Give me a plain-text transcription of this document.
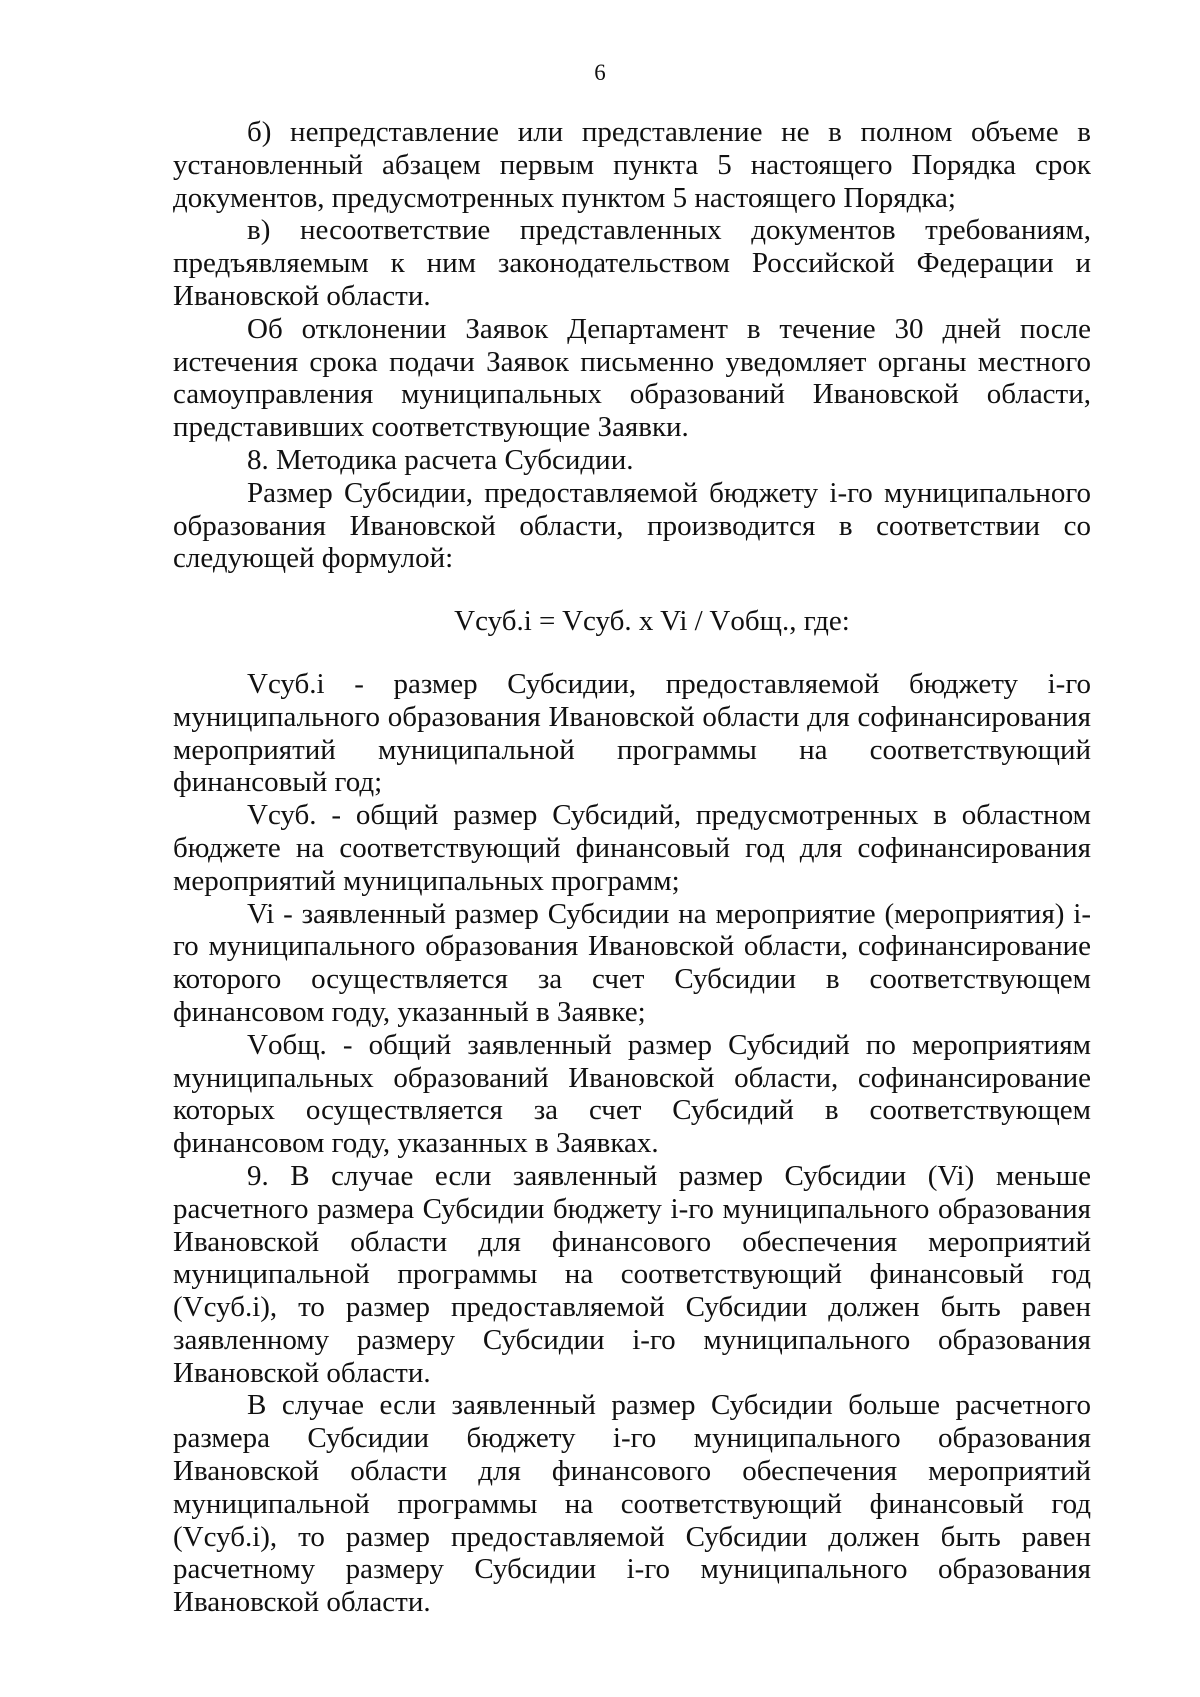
6

б) непредставление или представление не в полном объеме в установленный абзацем первым пункта 5 настоящего Порядка срок документов, предусмотренных пунктом 5 настоящего Порядка;

в) несоответствие представленных документов требованиям, предъявляемым к ним законодательством Российской Федерации и Ивановской области.

Об отклонении Заявок Департамент в течение 30 дней после истечения срока подачи Заявок письменно уведомляет органы местного самоуправления муниципальных образований Ивановской области, представивших соответствующие Заявки.

8. Методика расчета Субсидии.

Размер Субсидии, предоставляемой бюджету i-го муниципального образования Ивановской области, производится в соответствии со следующей формулой:

Vсуб.i = Vсуб. x Vi / Vобщ., где:

Vсуб.i - размер Субсидии, предоставляемой бюджету i-го муниципального образования Ивановской области для софинансирования мероприятий муниципальной программы на соответствующий финансовый год;

Vсуб. - общий размер Субсидий, предусмотренных в областном бюджете на соответствующий финансовый год для софинансирования мероприятий муниципальных программ;

Vi - заявленный размер Субсидии на мероприятие (мероприятия) i-го муниципального образования Ивановской области, софинансирование которого осуществляется за счет Субсидии в соответствующем финансовом году, указанный в Заявке;

Vобщ. - общий заявленный размер Субсидий по мероприятиям муниципальных образований Ивановской области, софинансирование которых осуществляется за счет Субсидий в соответствующем финансовом году, указанных в Заявках.

9. В случае если заявленный размер Субсидии (Vi) меньше расчетного размера Субсидии бюджету i-го муниципального образования Ивановской области для финансового обеспечения мероприятий муниципальной программы на соответствующий финансовый год (Vсуб.i), то размер предоставляемой Субсидии должен быть равен заявленному размеру Субсидии i-го муниципального образования Ивановской области.

В случае если заявленный размер Субсидии больше расчетного размера Субсидии бюджету i-го муниципального образования Ивановской области для финансового обеспечения мероприятий муниципальной программы на соответствующий финансовый год (Vсуб.i), то размер предоставляемой Субсидии должен быть равен расчетному размеру Субсидии i-го муниципального образования Ивановской области.
